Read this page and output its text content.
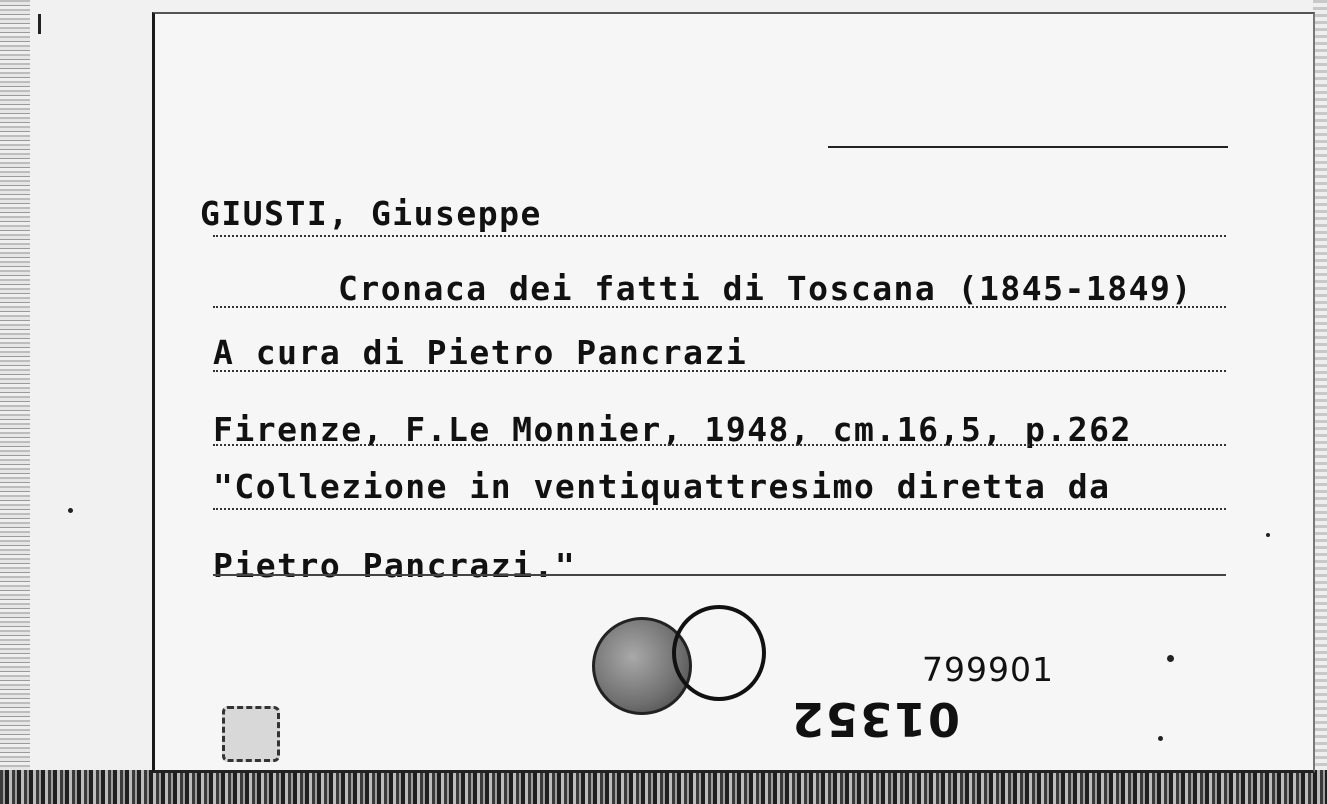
GIUSTI, Giuseppe
Cronaca dei fatti di Toscana (1845-1849)
A cura di Pietro Pancrazi
Firenze, F.Le Monnier, 1948, cm.16,5, p.262
"Collezione in ventiquattresimo diretta da
Pietro Pancrazi."
799901
01352
